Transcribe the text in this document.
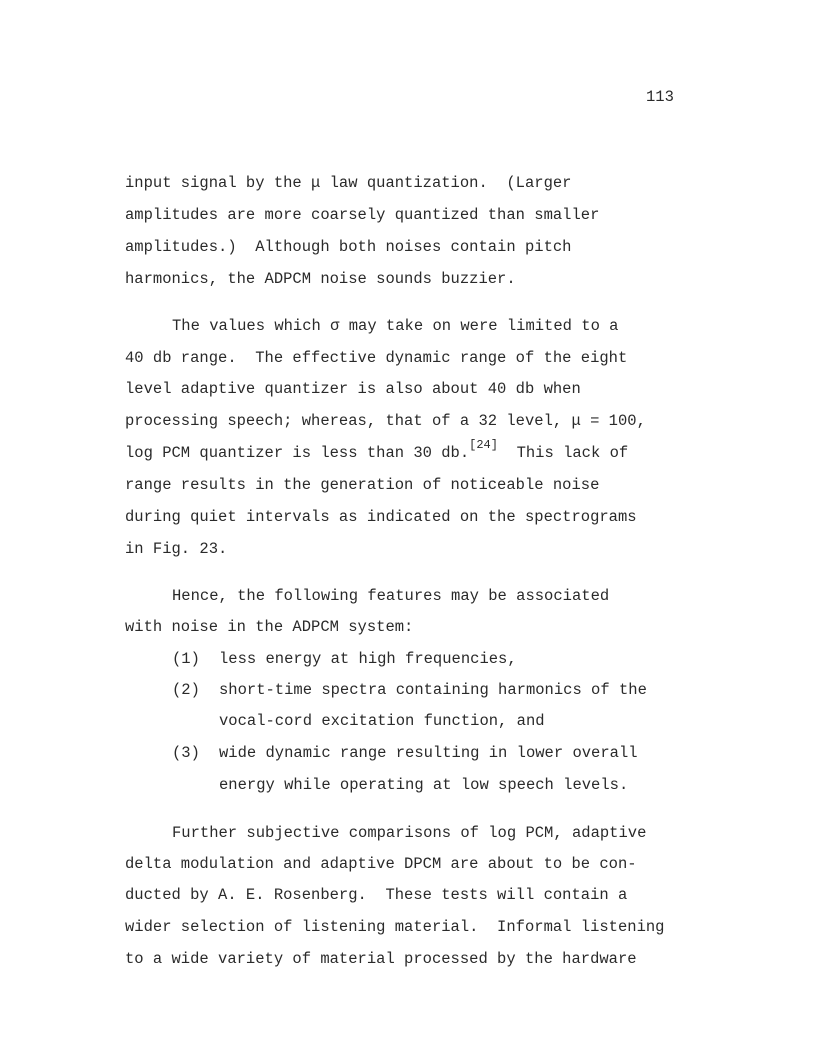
113
input signal by the μ law quantization.  (Larger
amplitudes are more coarsely quantized than smaller
amplitudes.)  Although both noises contain pitch
harmonics, the ADPCM noise sounds buzzier.
The values which σ may take on were limited to a
40 db range.  The effective dynamic range of the eight
level adaptive quantizer is also about 40 db when
processing speech; whereas, that of a 32 level, μ = 100,
log PCM quantizer is less than 30 db.[24]  This lack of
range results in the generation of noticeable noise
during quiet intervals as indicated on the spectrograms
in Fig. 23.
Hence, the following features may be associated
with noise in the ADPCM system:
(1) less energy at high frequencies,
(2) short-time spectra containing harmonics of the
vocal-cord excitation function, and
(3) wide dynamic range resulting in lower overall
energy while operating at low speech levels.
Further subjective comparisons of log PCM, adaptive
delta modulation and adaptive DPCM are about to be con-
ducted by A. E. Rosenberg.  These tests will contain a
wider selection of listening material.  Informal listening
to a wide variety of material processed by the hardware
